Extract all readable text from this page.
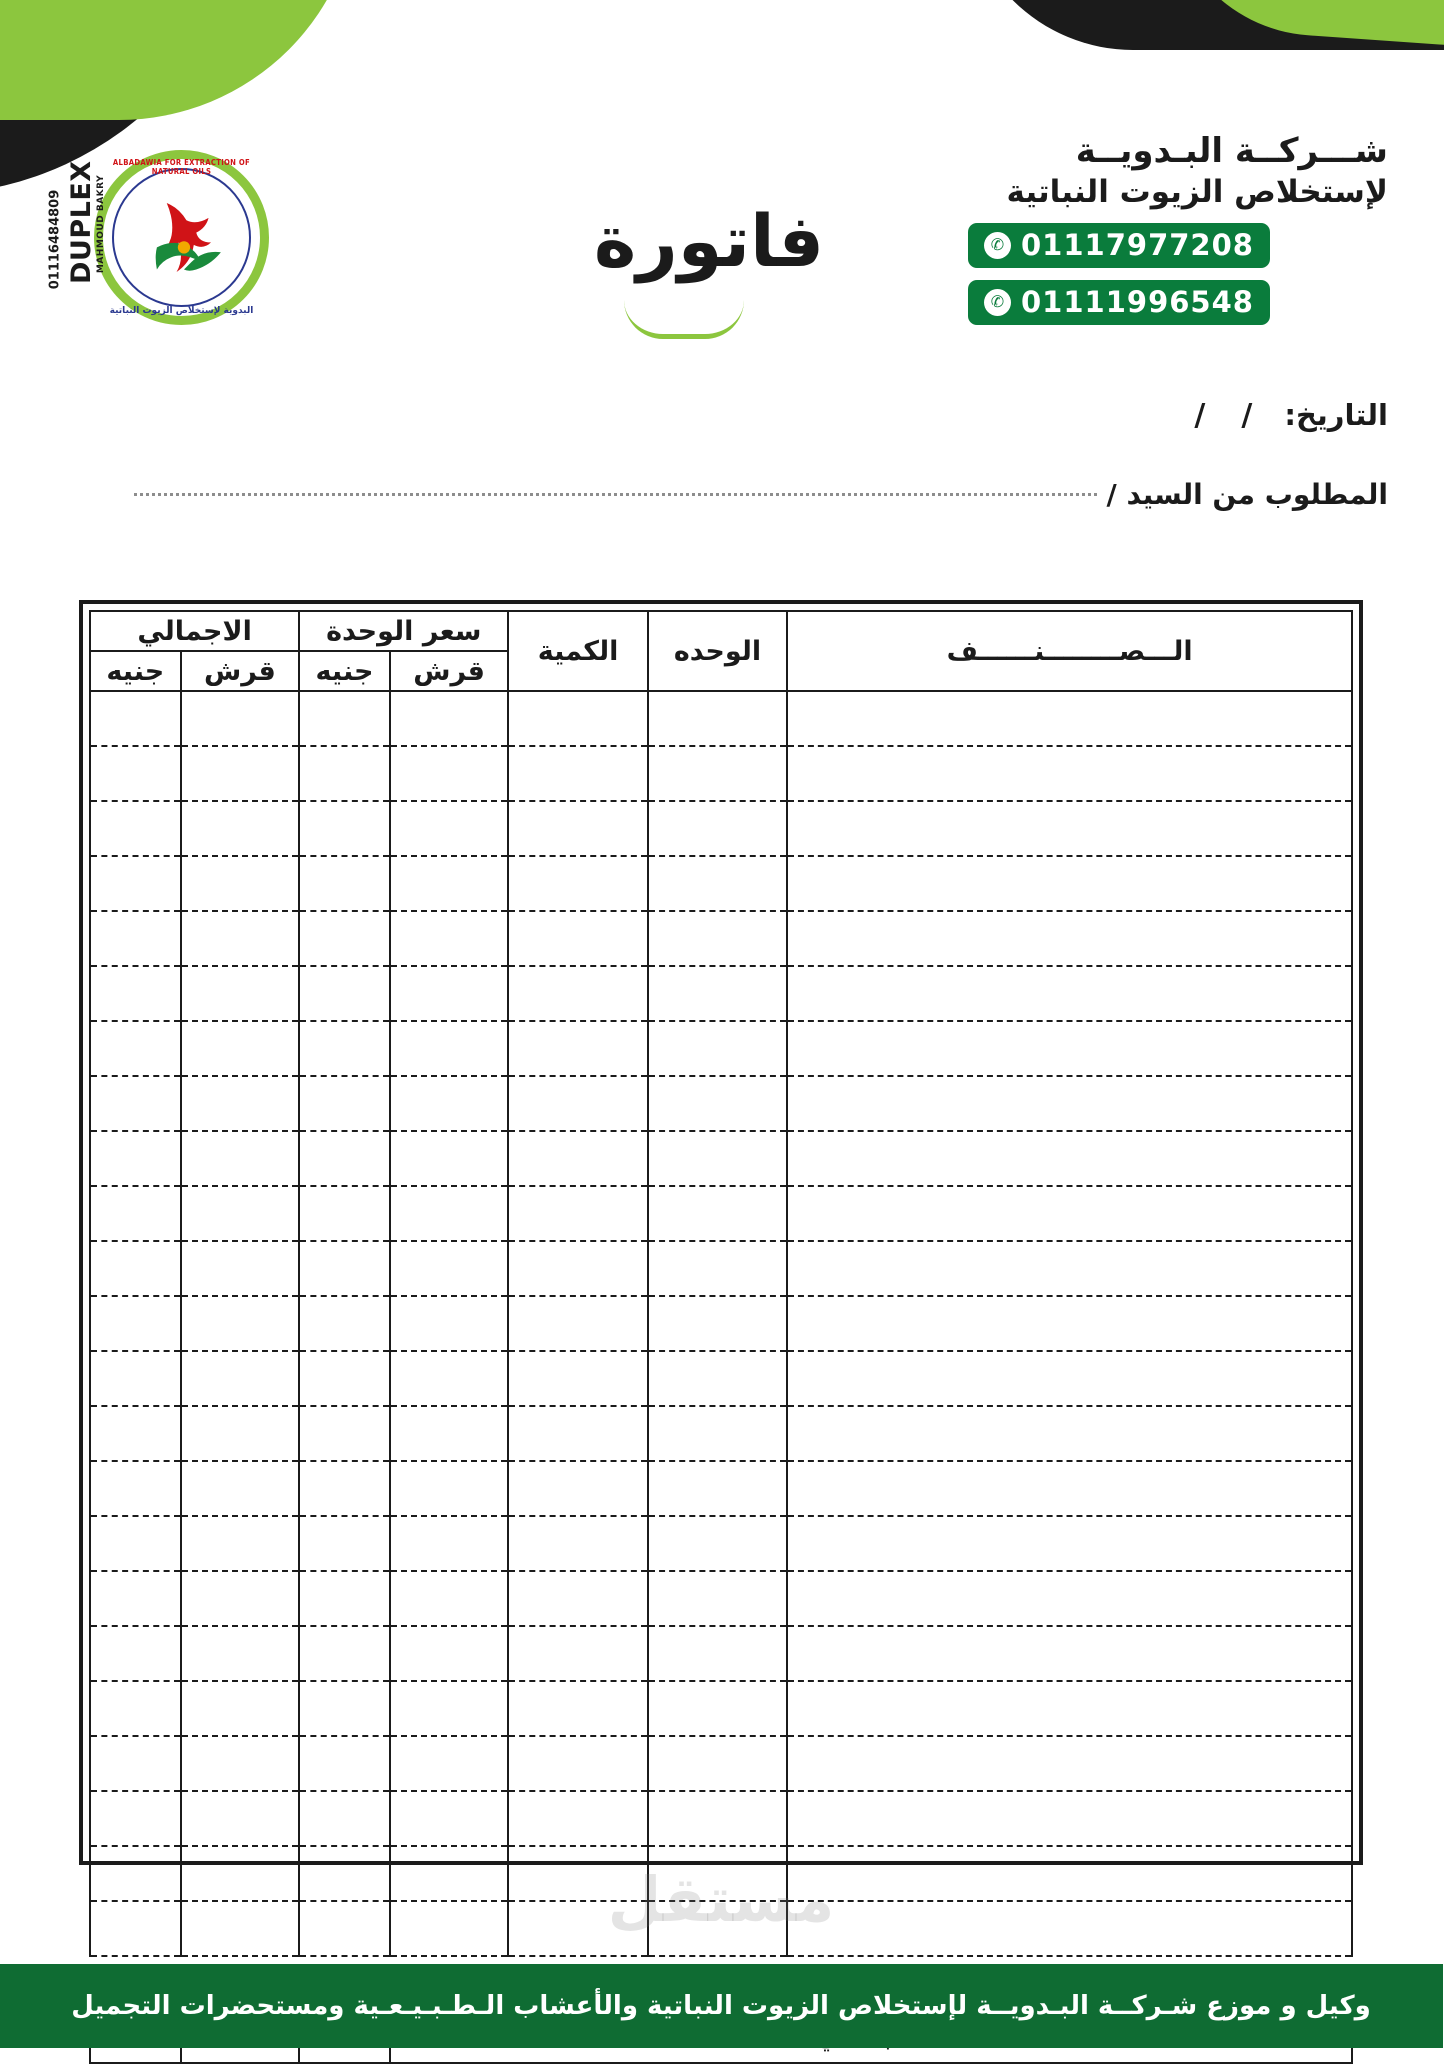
ALBADAWIA FOR EXTRACTION OF NATURAL OILS
البدوية لإستخلاص الزيوت النباتية
DUPLEX MAHMOUD BAKRY
01116484809	فاتورة
شـــركــة البـدويــة
لإستخلاص الزيوت النباتية
✆ 01117977208
✆ 01111996548
التاريخ:
/
/
المطلوب من السيد /
الـــصــــــــنــــــف	الوحده	الكمية	سعر الوحدة		الاجمالي	
			قرش	جنيه	قرش	جنيه

مستقل
وكيل و موزع شـركــة البـدويــة لإستخلاص الزيوت النباتية والأعشاب الـطـبـيـعـية ومستحضرات التجميل
